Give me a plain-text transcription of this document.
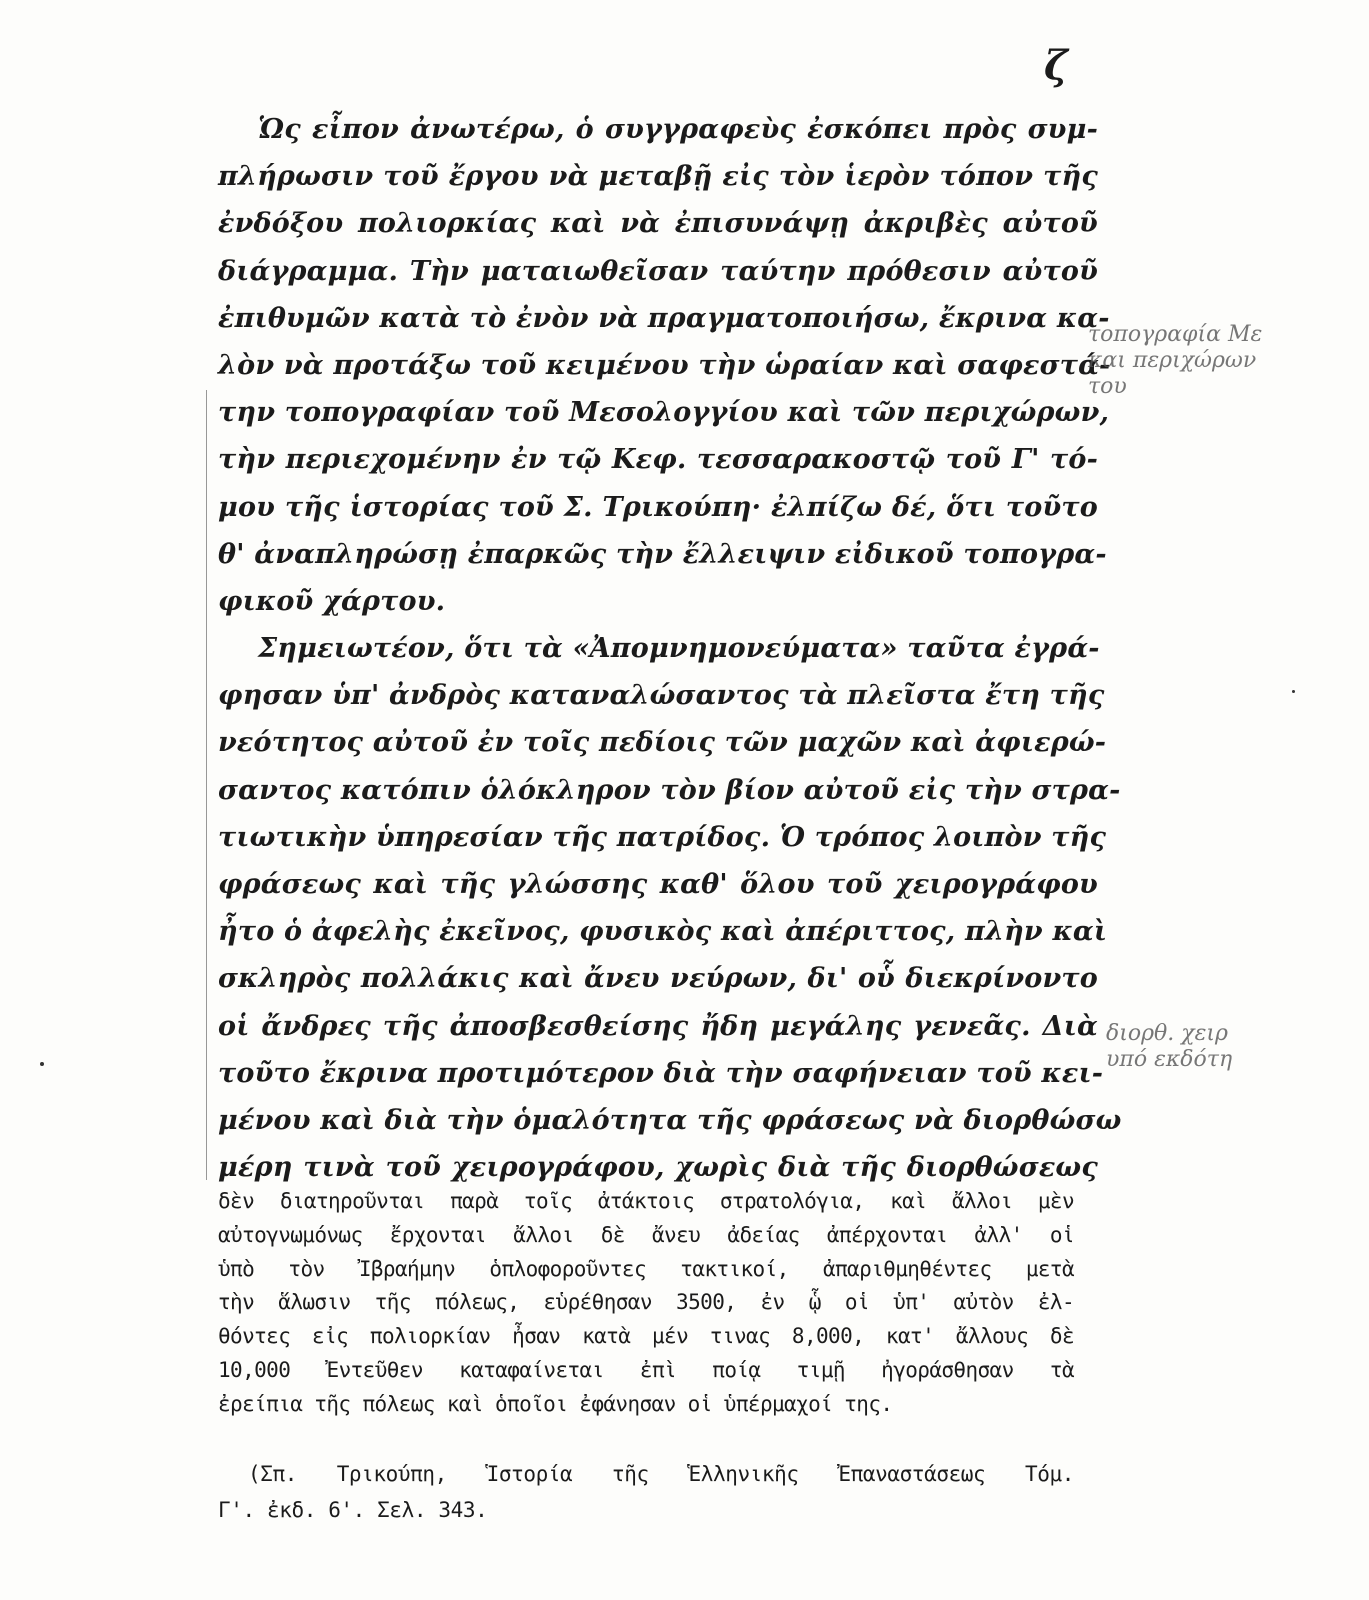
ζ
Ὡς εἶπον ἀνωτέρω, ὁ συγγραφεὺς ἐσκόπει πρὸς συμ-
πλήρωσιν τοῦ ἔργου νὰ μεταβῇ εἰς τὸν ἱερὸν τόπον τῆς
ἐνδόξου πολιορκίας καὶ νὰ ἐπισυνάψῃ ἀκριβὲς αὐτοῦ
διάγραμμα. Τὴν ματαιωθεῖσαν ταύτην πρόθεσιν αὐτοῦ
ἐπιθυμῶν κατὰ τὸ ἐνὸν νὰ πραγματοποιήσω, ἔκρινα κα-
λὸν νὰ προτάξω τοῦ κειμένου τὴν ὡραίαν καὶ σαφεστά-
την τοπογραφίαν τοῦ Μεσολογγίου καὶ τῶν περιχώρων,
τὴν περιεχομένην ἐν τῷ Κεφ. τεσσαρακοστῷ τοῦ Γ' τό-
μου τῆς ἱστορίας τοῦ Σ. Τρικούπη· ἐλπίζω δέ, ὅτι τοῦτο
θ' ἀναπληρώσῃ ἐπαρκῶς τὴν ἔλλειψιν εἰδικοῦ τοπογρα-
φικοῦ χάρτου.
Σημειωτέον, ὅτι τὰ «Ἀπομνημονεύματα» ταῦτα ἐγρά-
φησαν ὑπ' ἀνδρὸς καταναλώσαντος τὰ πλεῖστα ἔτη τῆς
νεότητος αὐτοῦ ἐν τοῖς πεδίοις τῶν μαχῶν καὶ ἀφιερώ-
σαντος κατόπιν ὁλόκληρον τὸν βίον αὐτοῦ εἰς τὴν στρα-
τιωτικὴν ὑπηρεσίαν τῆς πατρίδος. Ὁ τρόπος λοιπὸν τῆς
φράσεως καὶ τῆς γλώσσης καθ' ὅλου τοῦ χειρογράφου
ἦτο ὁ ἀφελὴς ἐκεῖνος, φυσικὸς καὶ ἀπέριττος, πλὴν καὶ
σκληρὸς πολλάκις καὶ ἄνευ νεύρων, δι' οὗ διεκρίνοντο
οἱ ἄνδρες τῆς ἀποσβεσθείσης ἤδη μεγάλης γενεᾶς. Διὰ
τοῦτο ἔκρινα προτιμότερον διὰ τὴν σαφήνειαν τοῦ κει-
μένου καὶ διὰ τὴν ὁμαλότητα τῆς φράσεως νὰ διορθώσω
μέρη τινὰ τοῦ χειρογράφου, χωρὶς διὰ τῆς διορθώσεως
δὲν διατηροῦνται παρὰ τοῖς ἀτάκτοις στρατολόγια, καὶ ἄλλοι μὲν
αὐτογνωμόνως ἔρχονται ἄλλοι δὲ ἄνευ ἀδείας ἀπέρχονται ἀλλ' οἱ
ὑπὸ τὸν Ἰβραήμην ὁπλοφοροῦντες τακτικοί, ἀπαριθμηθέντες μετὰ
τὴν ἅλωσιν τῆς πόλεως, εὑρέθησαν 3500, ἐν ᾧ οἱ ὑπ' αὐτὸν ἐλ-
θόντες εἰς πολιορκίαν ἦσαν κατὰ μέν τινας 8,000, κατ' ἄλλους δὲ
10,000 Ἐντεῦθεν καταφαίνεται ἐπὶ ποίᾳ τιμῇ ἠγοράσθησαν τὰ
ἐρείπια τῆς πόλεως καὶ ὁποῖοι ἐφάνησαν οἱ ὑπέρμαχοί της.
(Σπ. Τρικούπη, Ἱστορία τῆς Ἑλληνικῆς Ἐπαναστάσεως Τόμ.
Γ'. ἐκδ. 6'. Σελ. 343.
τοπογραφία Με
και περιχώρων
του
διορθ. χειρ
υπό εκδότη
